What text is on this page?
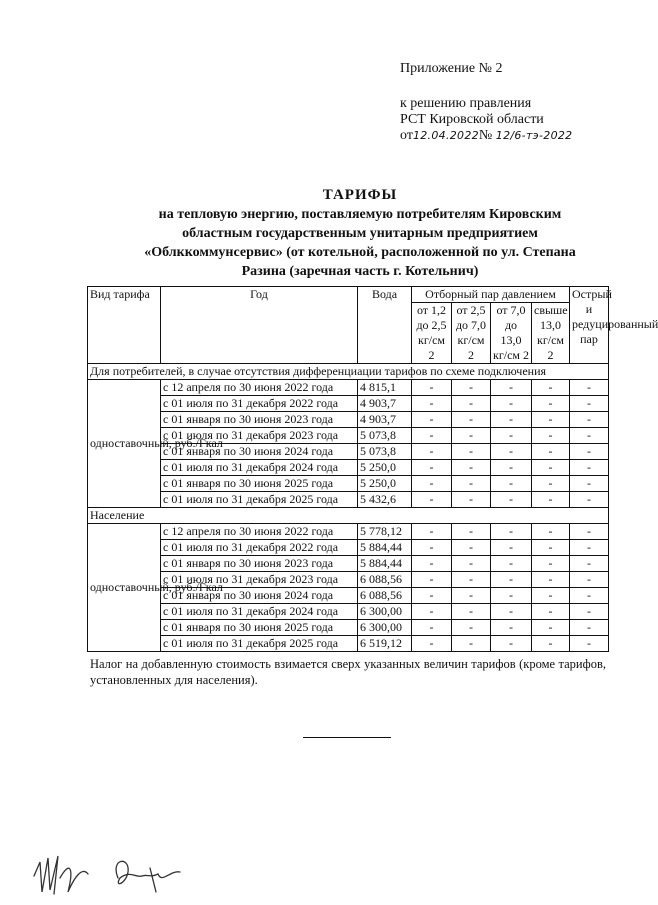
Приложение № 2
к решению правления
РСТ Кировской области
от12.04.2022№ 12/6-тэ-2022
ТАРИФЫ
на тепловую энергию, поставляемую потребителям Кировским
областным государственным унитарным предприятием
«Облккоммунсервис» (от котельной, расположенной по ул. Степана
Разина (заречная часть г. Котельнич)
Вид тарифа	Год	Вода	Отборный пар давлением				Острый и редуцированный пар
			от 1,2 до 2,5 кг/см 2	от 2,5 до 7,0 кг/см 2	от 7,0 до 13,0 кг/см 2	свыше 13,0 кг/см 2	
Для потребителей, в случае отсутствия дифференциации тарифов по схеме подключения							
одноставочный, руб./Гкал	с 12 апреля по 30 июня 2022 года	4 815,1	-	-	-	-	-
	с 01 июля по 31 декабря 2022 года	4 903,7	-	-	-	-	-
	с 01 января по 30 июня 2023 года	4 903,7	-	-	-	-	-
	с 01 июля по 31 декабря 2023 года	5 073,8	-	-	-	-	-
	с 01 января по 30 июня 2024 года	5 073,8	-	-	-	-	-
	с 01 июля по 31 декабря 2024 года	5 250,0	-	-	-	-	-
	с 01 января по 30 июня 2025 года	5 250,0	-	-	-	-	-
	с 01 июля по 31 декабря 2025 года	5 432,6	-	-	-	-	-
Население							
одноставочный, руб./Гкал	с 12 апреля по 30 июня 2022 года	5 778,12	-	-	-	-	-
	с 01 июля по 31 декабря 2022 года	5 884,44	-	-	-	-	-
	с 01 января по 30 июня 2023 года	5 884,44	-	-	-	-	-
	с 01 июля по 31 декабря 2023 года	6 088,56	-	-	-	-	-
	с 01 января по 30 июня 2024 года	6 088,56	-	-	-	-	-
	с 01 июля по 31 декабря 2024 года	6 300,00	-	-	-	-	-
	с 01 января по 30 июня 2025 года	6 300,00	-	-	-	-	-
	с 01 июля по 31 декабря 2025 года	6 519,12	-	-	-	-	-
Налог на добавленную стоимость взимается сверх указанных величин тарифов (кроме тарифов, установленных для населения).
